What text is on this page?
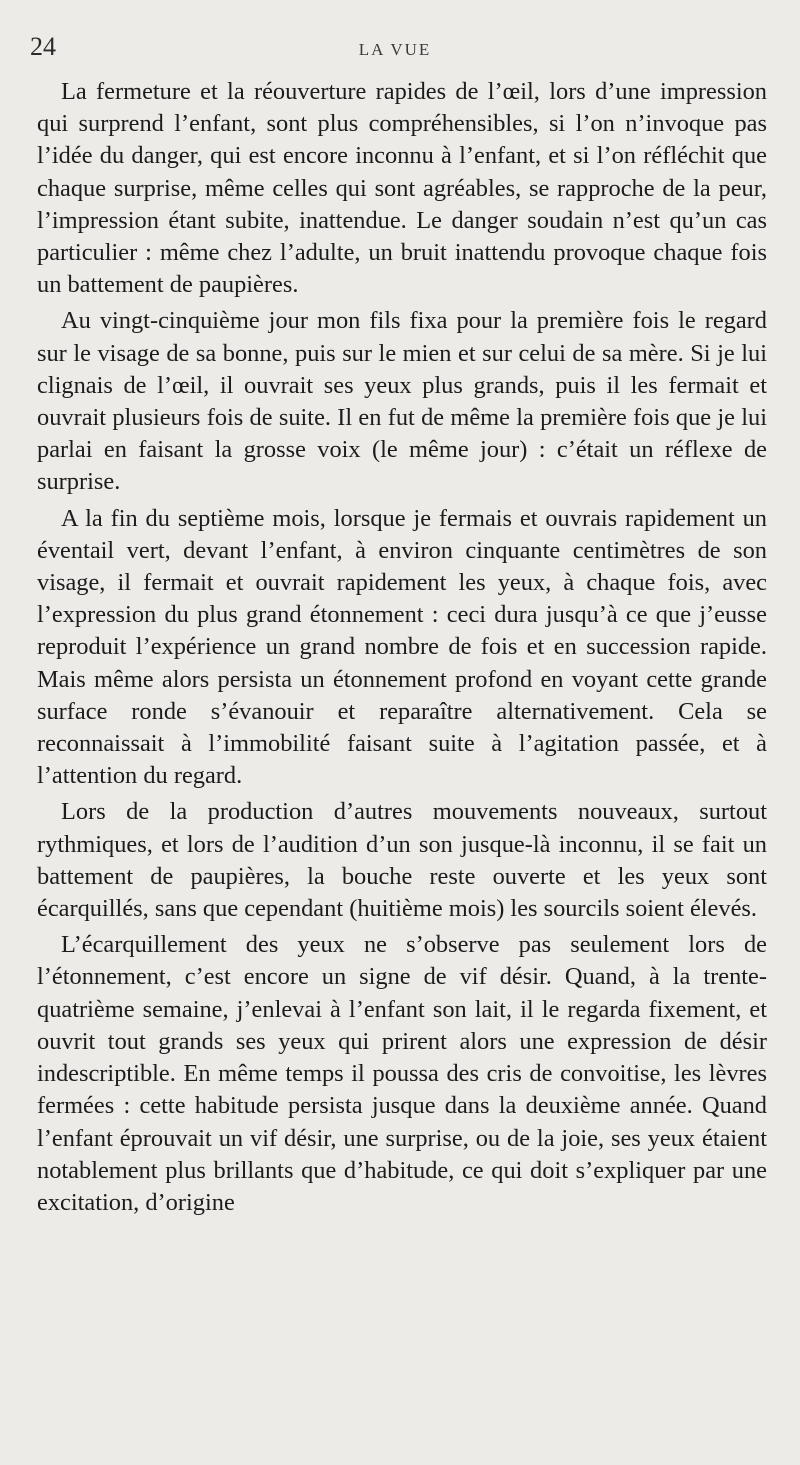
24	LA VUE

La fermeture et la réouverture rapides de l’œil, lors d’une impression qui surprend l’enfant, sont plus compréhensibles, si l’on n’invoque pas l’idée du danger, qui est encore inconnu à l’enfant, et si l’on réfléchit que chaque surprise, même celles qui sont agréables, se rapproche de la peur, l’impression étant subite, inattendue. Le danger soudain n’est qu’un cas particulier : même chez l’adulte, un bruit inattendu provoque chaque fois un battement de paupières.

Au vingt-cinquième jour mon fils fixa pour la première fois le regard sur le visage de sa bonne, puis sur le mien et sur celui de sa mère. Si je lui clignais de l’œil, il ouvrait ses yeux plus grands, puis il les fermait et ouvrait plusieurs fois de suite. Il en fut de même la première fois que je lui parlai en faisant la grosse voix (le même jour) : c’était un réflexe de surprise.

A la fin du septième mois, lorsque je fermais et ouvrais rapidement un éventail vert, devant l’enfant, à environ cinquante centimètres de son visage, il fermait et ouvrait rapidement les yeux, à chaque fois, avec l’expression du plus grand étonnement : ceci dura jusqu’à ce que j’eusse reproduit l’expérience un grand nombre de fois et en succession rapide. Mais même alors persista un étonnement profond en voyant cette grande surface ronde s’évanouir et reparaître alternativement. Cela se reconnaissait à l’immobilité faisant suite à l’agitation passée, et à l’attention du regard.

Lors de la production d’autres mouvements nouveaux, surtout rythmiques, et lors de l’audition d’un son jusque-là inconnu, il se fait un battement de paupières, la bouche reste ouverte et les yeux sont écarquillés, sans que cependant (huitième mois) les sourcils soient élevés.

L’écarquillement des yeux ne s’observe pas seulement lors de l’étonnement, c’est encore un signe de vif désir. Quand, à la trente-quatrième semaine, j’enlevai à l’enfant son lait, il le regarda fixement, et ouvrit tout grands ses yeux qui prirent alors une expression de désir indescriptible. En même temps il poussa des cris de convoitise, les lèvres fermées : cette habitude persista jusque dans la deuxième année. Quand l’enfant éprouvait un vif désir, une surprise, ou de la joie, ses yeux étaient notablement plus brillants que d’habitude, ce qui doit s’expliquer par une excitation, d’origine
